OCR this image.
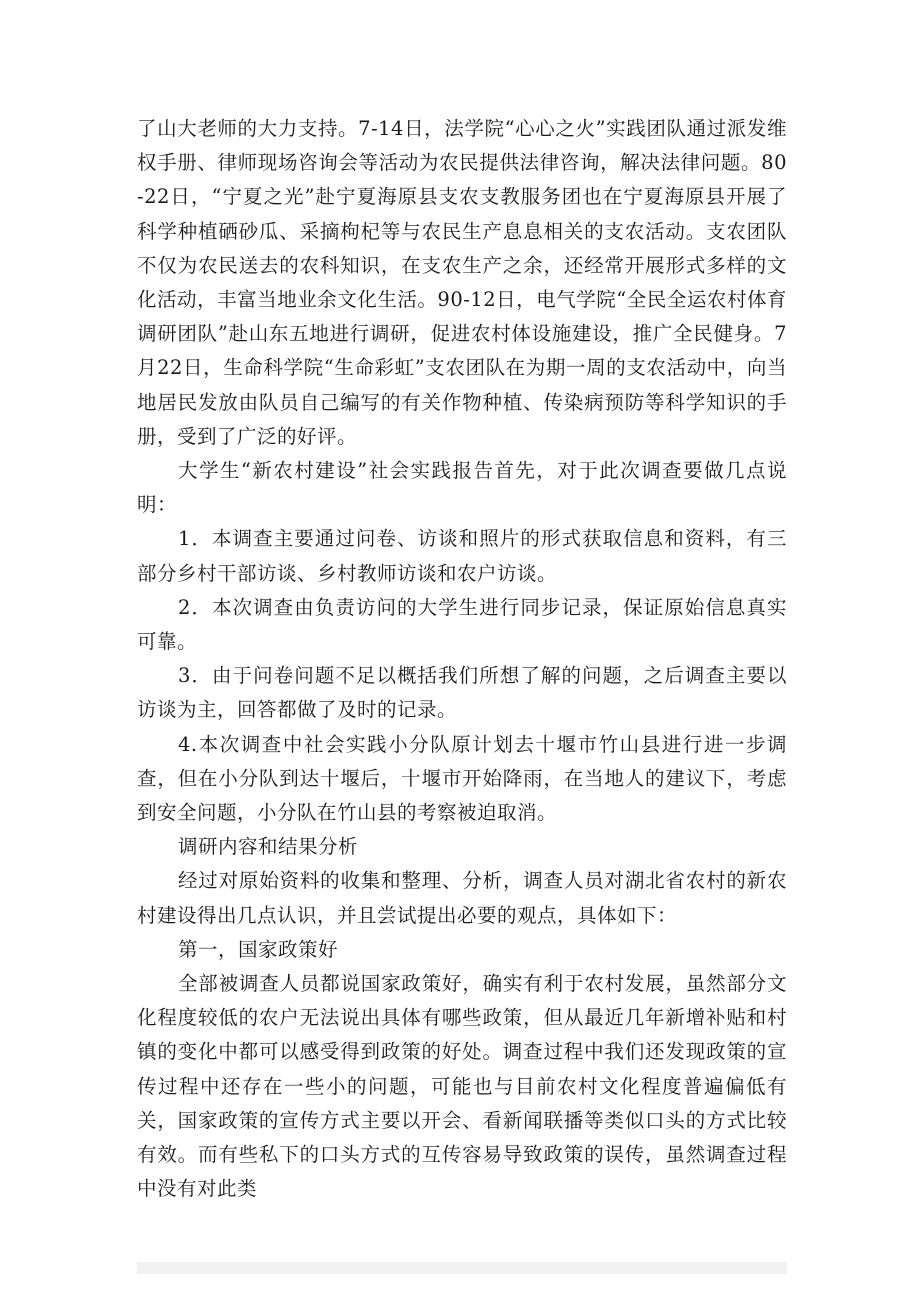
了山大老师的大力支持。7-14日，法学院“心心之火”实践团队通过派发维权手册、律师现场咨询会等活动为农民提供法律咨询，解决法律问题。80-22日，“宁夏之光”赴宁夏海原县支农支教服务团也在宁夏海原县开展了科学种植硒砂瓜、采摘枸杞等与农民生产息息相关的支农活动。支农团队不仅为农民送去的农科知识，在支农生产之余，还经常开展形式多样的文化活动，丰富当地业余文化生活。90-12日，电气学院“全民全运农村体育调研团队”赴山东五地进行调研，促进农村体设施建设，推广全民健身。7月22日，生命科学院“生命彩虹”支农团队在为期一周的支农活动中，向当地居民发放由队员自己编写的有关作物种植、传染病预防等科学知识的手册，受到了广泛的好评。

大学生“新农村建设”社会实践报告首先，对于此次调查要做几点说明：

1．本调查主要通过问卷、访谈和照片的形式获取信息和资料，有三部分乡村干部访谈、乡村教师访谈和农户访谈。

2．本次调查由负责访问的大学生进行同步记录，保证原始信息真实可靠。

3．由于问卷问题不足以概括我们所想了解的问题，之后调查主要以访谈为主，回答都做了及时的记录。

4.本次调查中社会实践小分队原计划去十堰市竹山县进行进一步调查，但在小分队到达十堰后，十堰市开始降雨，在当地人的建议下，考虑到安全问题，小分队在竹山县的考察被迫取消。

调研内容和结果分析

经过对原始资料的收集和整理、分析，调查人员对湖北省农村的新农村建设得出几点认识，并且尝试提出必要的观点，具体如下：

第一，国家政策好

全部被调查人员都说国家政策好，确实有利于农村发展，虽然部分文化程度较低的农户无法说出具体有哪些政策，但从最近几年新增补贴和村镇的变化中都可以感受得到政策的好处。调查过程中我们还发现政策的宣传过程中还存在一些小的问题，可能也与目前农村文化程度普遍偏低有关，国家政策的宣传方式主要以开会、看新闻联播等类似口头的方式比较有效。而有些私下的口头方式的互传容易导致政策的误传，虽然调查过程中没有对此类
